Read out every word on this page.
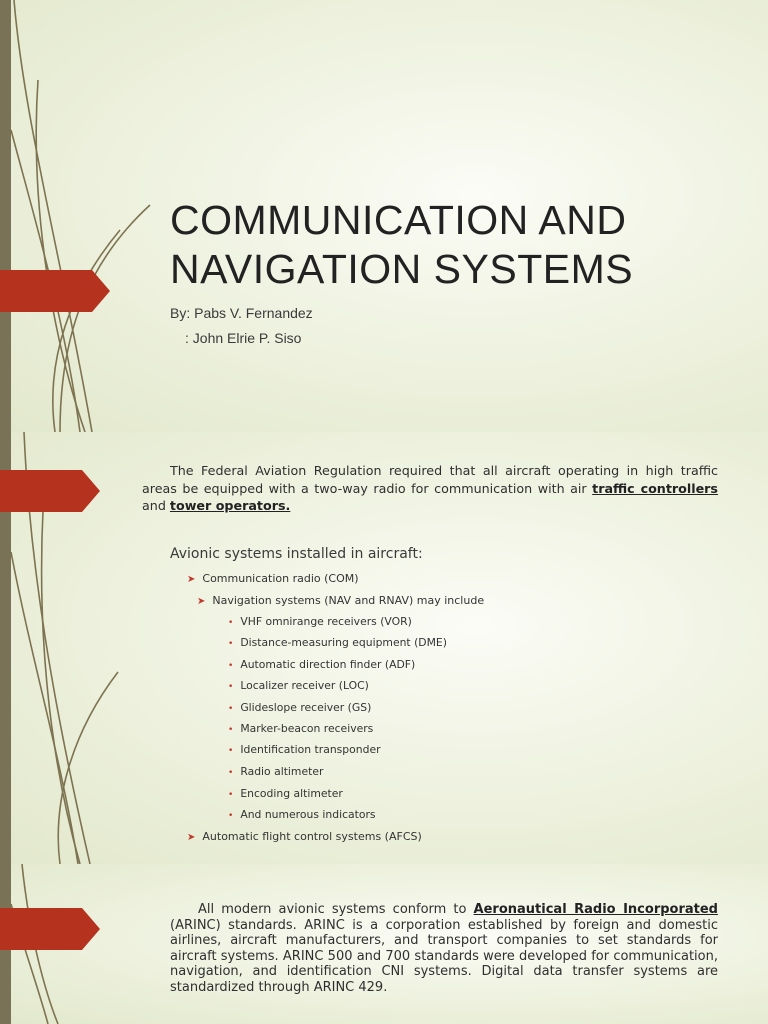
COMMUNICATION AND
NAVIGATION SYSTEMS
By: Pabs V. Fernandez
: John Elrie P. Siso
The Federal Aviation Regulation required that all aircraft operating in high traffic areas be equipped with a two-way radio for communication with air traffic controllers and tower operators.
Avionic systems installed in aircraft:
➤ Communication radio (COM)
➤ Navigation systems (NAV and RNAV) may include
• VHF omnirange receivers (VOR)
• Distance-measuring equipment (DME)
• Automatic direction finder (ADF)
• Localizer receiver (LOC)
• Glideslope receiver (GS)
• Marker-beacon receivers
• Identification transponder
• Radio altimeter
• Encoding altimeter
• And numerous indicators
➤ Automatic flight control systems (AFCS)
All modern avionic systems conform to Aeronautical Radio Incorporated (ARINC) standards. ARINC is a corporation established by foreign and domestic airlines, aircraft manufacturers, and transport companies to set standards for aircraft systems. ARINC 500 and 700 standards were developed for communication, navigation, and identification CNI systems. Digital data transfer systems are standardized through ARINC 429.
